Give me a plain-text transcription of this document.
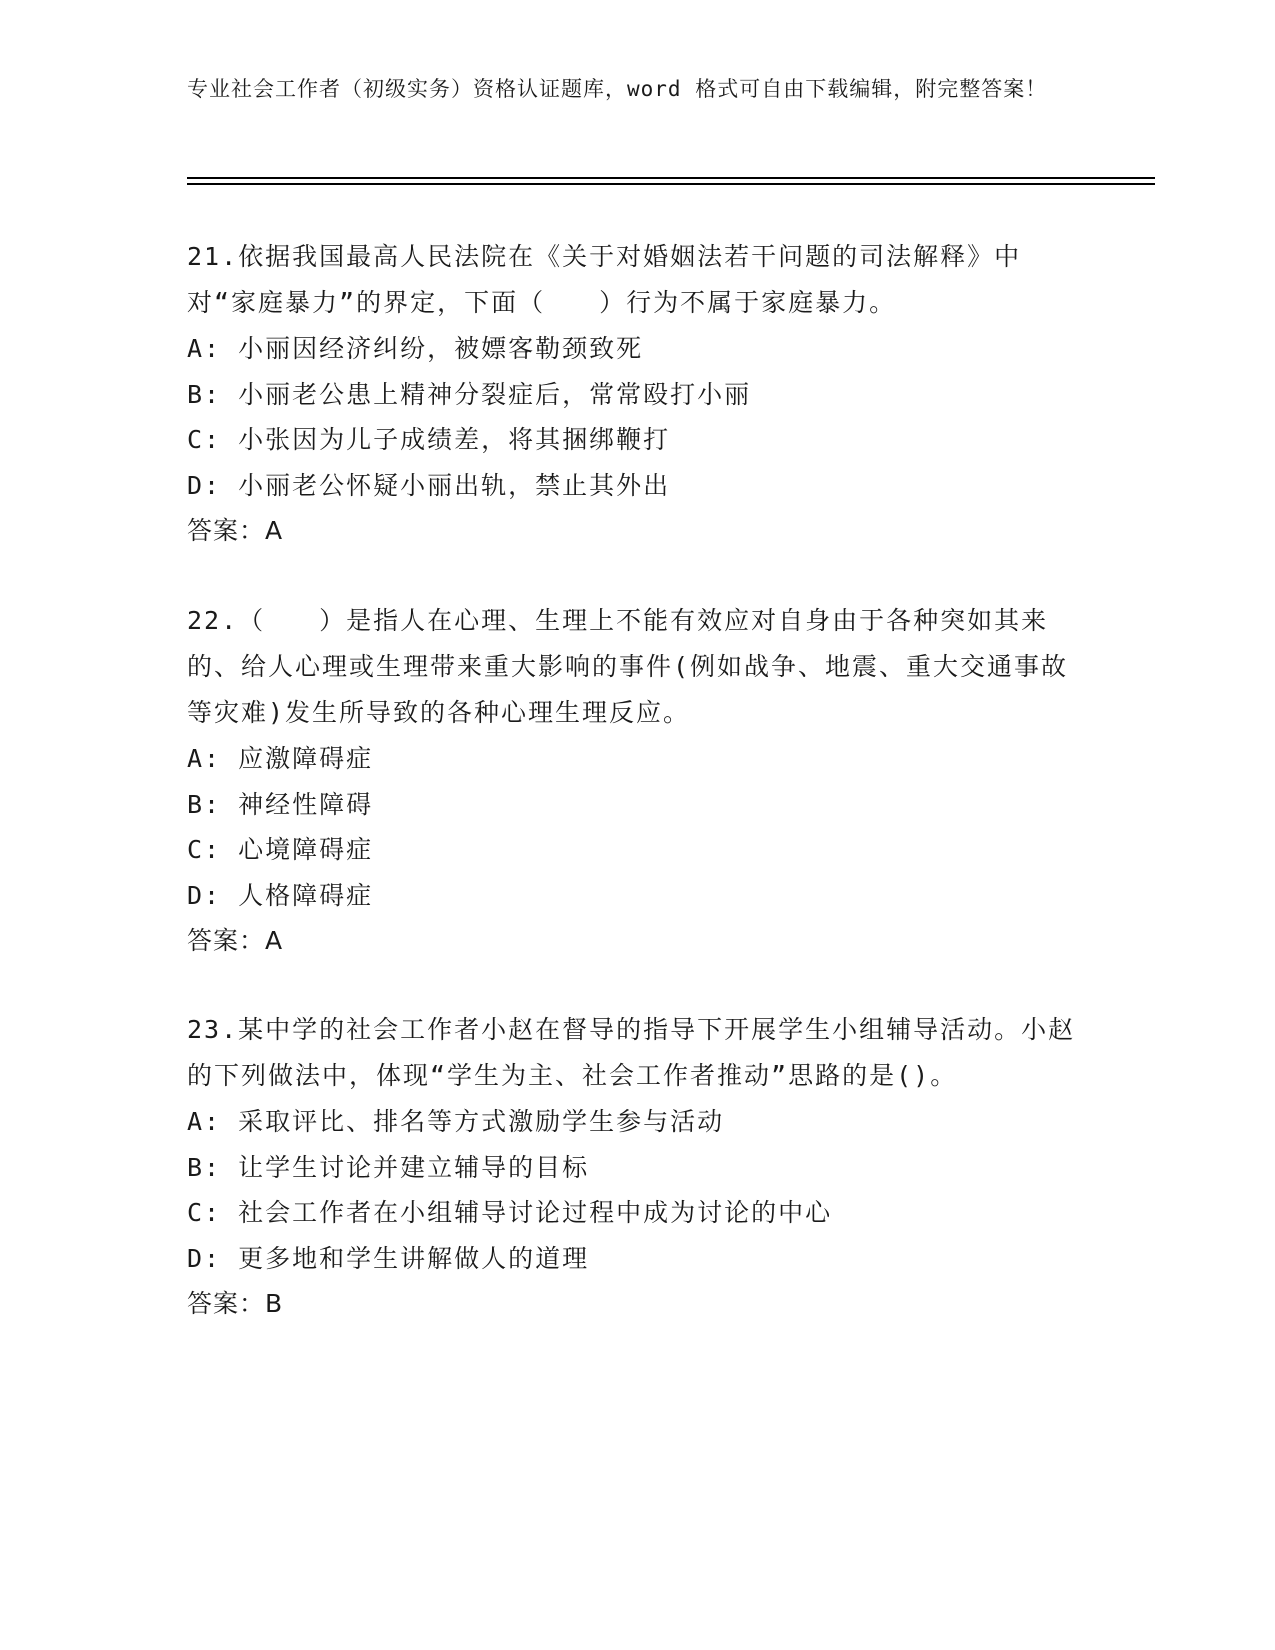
专业社会工作者（初级实务）资格认证题库，word 格式可自由下载编辑，附完整答案！

21.依据我国最高人民法院在《关于对婚姻法若干问题的司法解释》中对“家庭暴力”的界定，下面（　　）行为不属于家庭暴力。

A: 小丽因经济纠纷，被嫖客勒颈致死

B: 小丽老公患上精神分裂症后，常常殴打小丽

C: 小张因为儿子成绩差，将其捆绑鞭打

D: 小丽老公怀疑小丽出轨，禁止其外出

答案：A

22.（　　）是指人在心理、生理上不能有效应对自身由于各种突如其来的、给人心理或生理带来重大影响的事件(例如战争、地震、重大交通事故等灾难)发生所导致的各种心理生理反应。

A: 应激障碍症

B: 神经性障碍

C: 心境障碍症

D: 人格障碍症

答案：A

23.某中学的社会工作者小赵在督导的指导下开展学生小组辅导活动。小赵的下列做法中，体现“学生为主、社会工作者推动”思路的是()。

A: 采取评比、排名等方式激励学生参与活动

B: 让学生讨论并建立辅导的目标

C: 社会工作者在小组辅导讨论过程中成为讨论的中心

D: 更多地和学生讲解做人的道理

答案：B
